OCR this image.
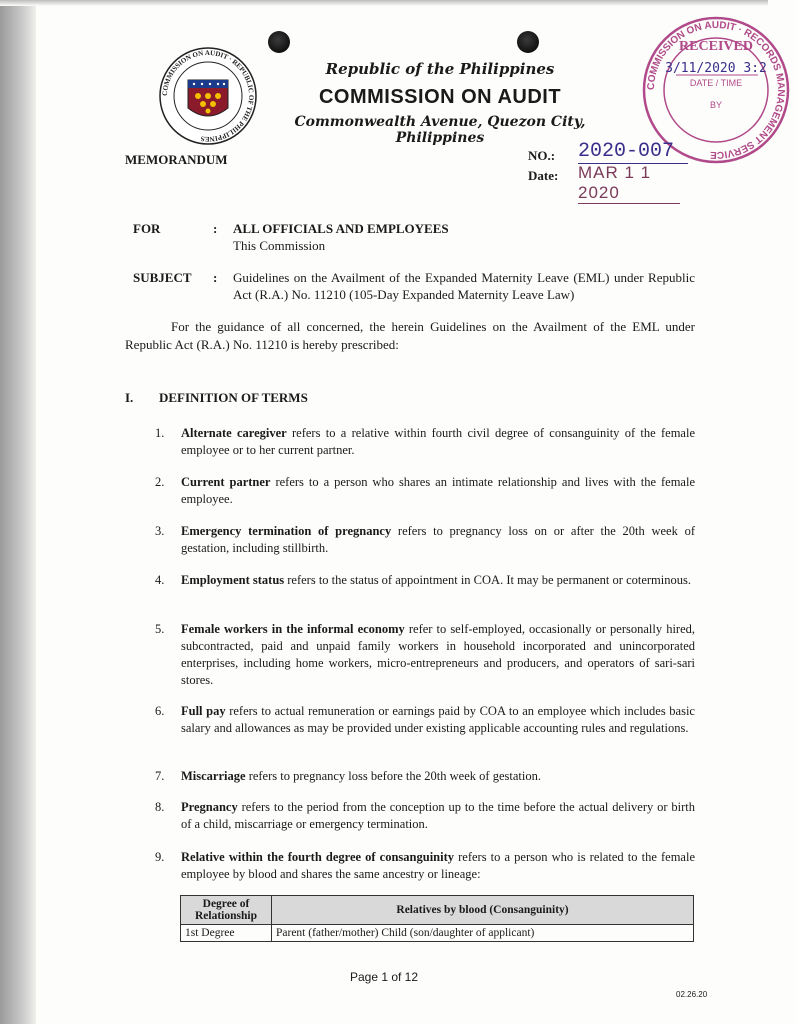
COMMISSION ON AUDIT · REPUBLIC OF THE PHILIPPINES
Republic of the Philippines
COMMISSION ON AUDIT
Commonwealth Avenue, Quezon City, Philippines
COMMISSION ON AUDIT · RECORDS MANAGEMENT SERVICE
RECEIVED
3/11/2020 3:2
DATE / TIME
BY
MEMORANDUM	NO.: 2020-007
Date: MAR 1 1 2020
FOR	: ALL OFFICIALS AND EMPLOYEES
This Commission
SUBJECT : Guidelines on the Availment of the Expanded Maternity Leave (EML) under Republic Act (R.A.) No. 11210 (105-Day Expanded Maternity Leave Law)
For the guidance of all concerned, the herein Guidelines on the Availment of the EML under Republic Act (R.A.) No. 11210 is hereby prescribed:
I. DEFINITION OF TERMS
1.	Alternate caregiver refers to a relative within fourth civil degree of consanguinity of the female employee or to her current partner.
2.	Current partner refers to a person who shares an intimate relationship and lives with the female employee.
3.	Emergency termination of pregnancy refers to pregnancy loss on or after the 20th week of gestation, including stillbirth.
4.	Employment status refers to the status of appointment in COA. It may be permanent or coterminous.
5.	Female workers in the informal economy refer to self-employed, occasionally or personally hired, subcontracted, paid and unpaid family workers in household incorporated and unincorporated enterprises, including home workers, micro-entrepreneurs and producers, and operators of sari-sari stores.
6.	Full pay refers to actual remuneration or earnings paid by COA to an employee which includes basic salary and allowances as may be provided under existing applicable accounting rules and regulations.
7.	Miscarriage refers to pregnancy loss before the 20th week of gestation.
8.	Pregnancy refers to the period from the conception up to the time before the actual delivery or birth of a child, miscarriage or emergency termination.
9.	Relative within the fourth degree of consanguinity refers to a person who is related to the female employee by blood and shares the same ancestry or lineage:
Degree of Relationship	Relatives by blood (Consanguinity)
1st Degree	Parent (father/mother) Child (son/daughter of applicant)
Page 1 of 12
02.26.20
